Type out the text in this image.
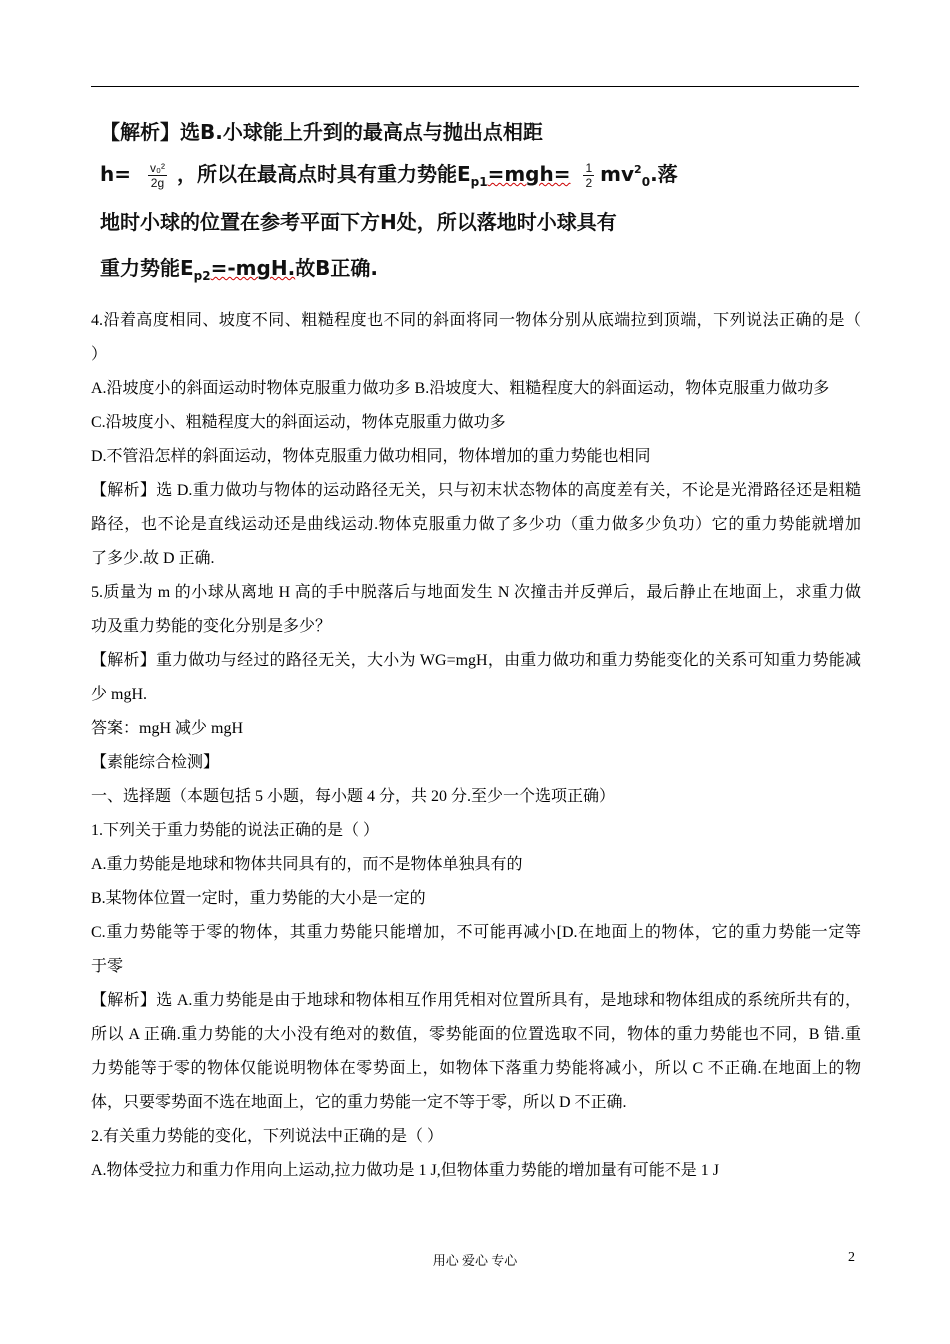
【解析】选B.小球能上升到的最高点与抛出点相距
$h= \frac{\text{v₀²}}{2g}$ ，所以在最高点时具有重力势能$E_{p1}=mgh= \frac{1}{2} mv^2_0$.落
地时小球的位置在参考平面下方H处，所以落地时小球具有
重力势能$E_{p2}=$-mgH.故B正确.
4.沿着高度相同、坡度不同、粗糙程度也不同的斜面将同一物体分别从底端拉到顶端，下列说法正确的是（
）
A.沿坡度小的斜面运动时物体克服重力做功多 B.沿坡度大、粗糙程度大的斜面运动，物体克服重力做功多
C.沿坡度小、粗糙程度大的斜面运动，物体克服重力做功多
D.不管沿怎样的斜面运动，物体克服重力做功相同，物体增加的重力势能也相同
【解析】选 D.重力做功与物体的运动路径无关，只与初末状态物体的高度差有关，不论是光滑路径还是粗糙
路径，也不论是直线运动还是曲线运动.物体克服重力做了多少功（重力做多少负功）它的重力势能就增加
了多少.故 D 正确.
5.质量为 m 的小球从离地 H 高的手中脱落后与地面发生 N 次撞击并反弹后，最后静止在地面上，求重力做
功及重力势能的变化分别是多少？
【解析】重力做功与经过的路径无关，大小为 WG=mgH，由重力做功和重力势能变化的关系可知重力势能减
少 mgH.
答案：mgH 减少 mgH
【素能综合检测】
一、选择题（本题包括 5 小题，每小题 4 分，共 20 分.至少一个选项正确）
1.下列关于重力势能的说法正确的是（ ）
A.重力势能是地球和物体共同具有的，而不是物体单独具有的
B.某物体位置一定时，重力势能的大小是一定的
C.重力势能等于零的物体，其重力势能只能增加，不可能再减小[D.在地面上的物体，它的重力势能一定等
于零
【解析】选 A.重力势能是由于地球和物体相互作用凭相对位置所具有，是地球和物体组成的系统所共有的，
所以 A 正确.重力势能的大小没有绝对的数值，零势能面的位置选取不同，物体的重力势能也不同，B 错.重
力势能等于零的物体仅能说明物体在零势面上，如物体下落重力势能将减小，所以 C 不正确.在地面上的物
体，只要零势面不选在地面上，它的重力势能一定不等于零，所以 D 不正确.
2.有关重力势能的变化，下列说法中正确的是（ ）
A.物体受拉力和重力作用向上运动,拉力做功是 1 J,但物体重力势能的增加量有可能不是 1 J
用心 爱心 专心	2
